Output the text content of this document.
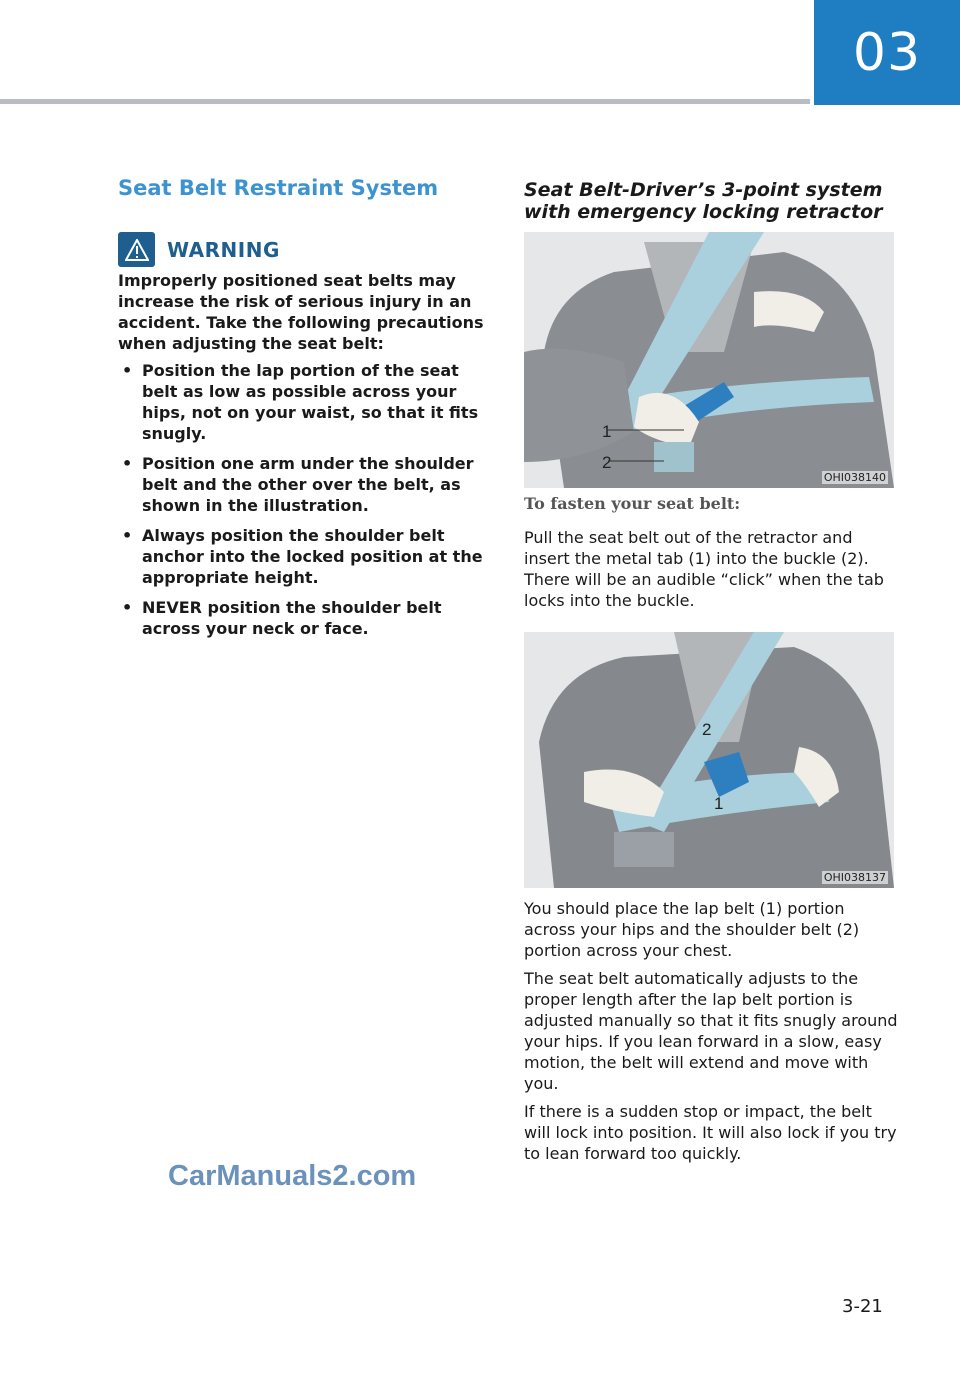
03
Seat Belt Restraint System
WARNING

Improperly positioned seat belts may increase the risk of serious injury in an accident. Take the following precautions when adjusting the seat belt:

• Position the lap portion of the seat belt as low as possible across your hips, not on your waist, so that it fits snugly.
• Position one arm under the shoulder belt and the other over the belt, as shown in the illustration.
• Always position the shoulder belt anchor into the locked position at the appropriate height.
• NEVER position the shoulder belt across your neck or face.
Seat Belt-Driver’s 3-point system
with emergency locking retractor
1
2
OHI038140

To fasten your seat belt:

Pull the seat belt out of the retractor and insert the metal tab (1) into the buckle (2). There will be an audible “click” when the tab locks into the buckle.

2
1
OHI038137

You should place the lap belt (1) portion across your hips and the shoulder belt (2) portion across your chest.

The seat belt automatically adjusts to the proper length after the lap belt portion is adjusted manually so that it fits snugly around your hips. If you lean forward in a slow, easy motion, the belt will extend and move with you.

If there is a sudden stop or impact, the belt will lock into position. It will also lock if you try to lean forward too quickly.

CarManuals2.com
3-21
